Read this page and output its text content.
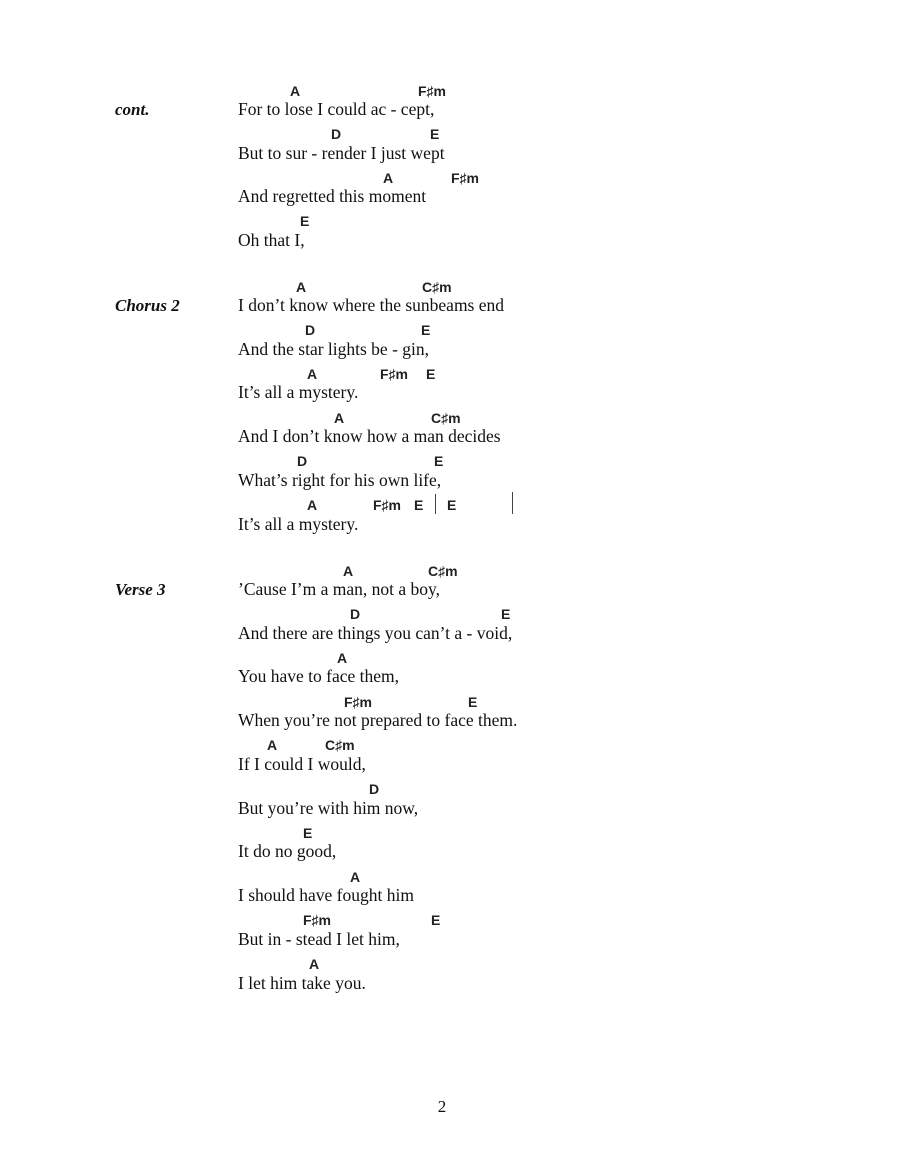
cont.
A	F♯m
For to lose I could ac - cept,
D	E
But to sur - render I just wept
A	F♯m
And regretted this moment
E
Oh that I,
Chorus 2
A	C♯m
I don’t know where the sunbeams end
D	E
And the star lights be - gin,
A	F♯m E
It’s all a mystery.
A	C♯m
And I don’t know how a man decides
D	E
What’s right for his own life,
A	F♯m E E
It’s all a mystery.
Verse 3
A	C♯m
’Cause I’m a man, not a boy,
D	E
And there are things you can’t a - void,
A
You have to face them,
F♯m	E
When you’re not prepared to face them.
A	C♯m
If I could I would,
D
But you’re with him now,
E
It do no good,
A
I should have fought him
F♯m	E
But in - stead I let him,
A
I let him take you.
2
